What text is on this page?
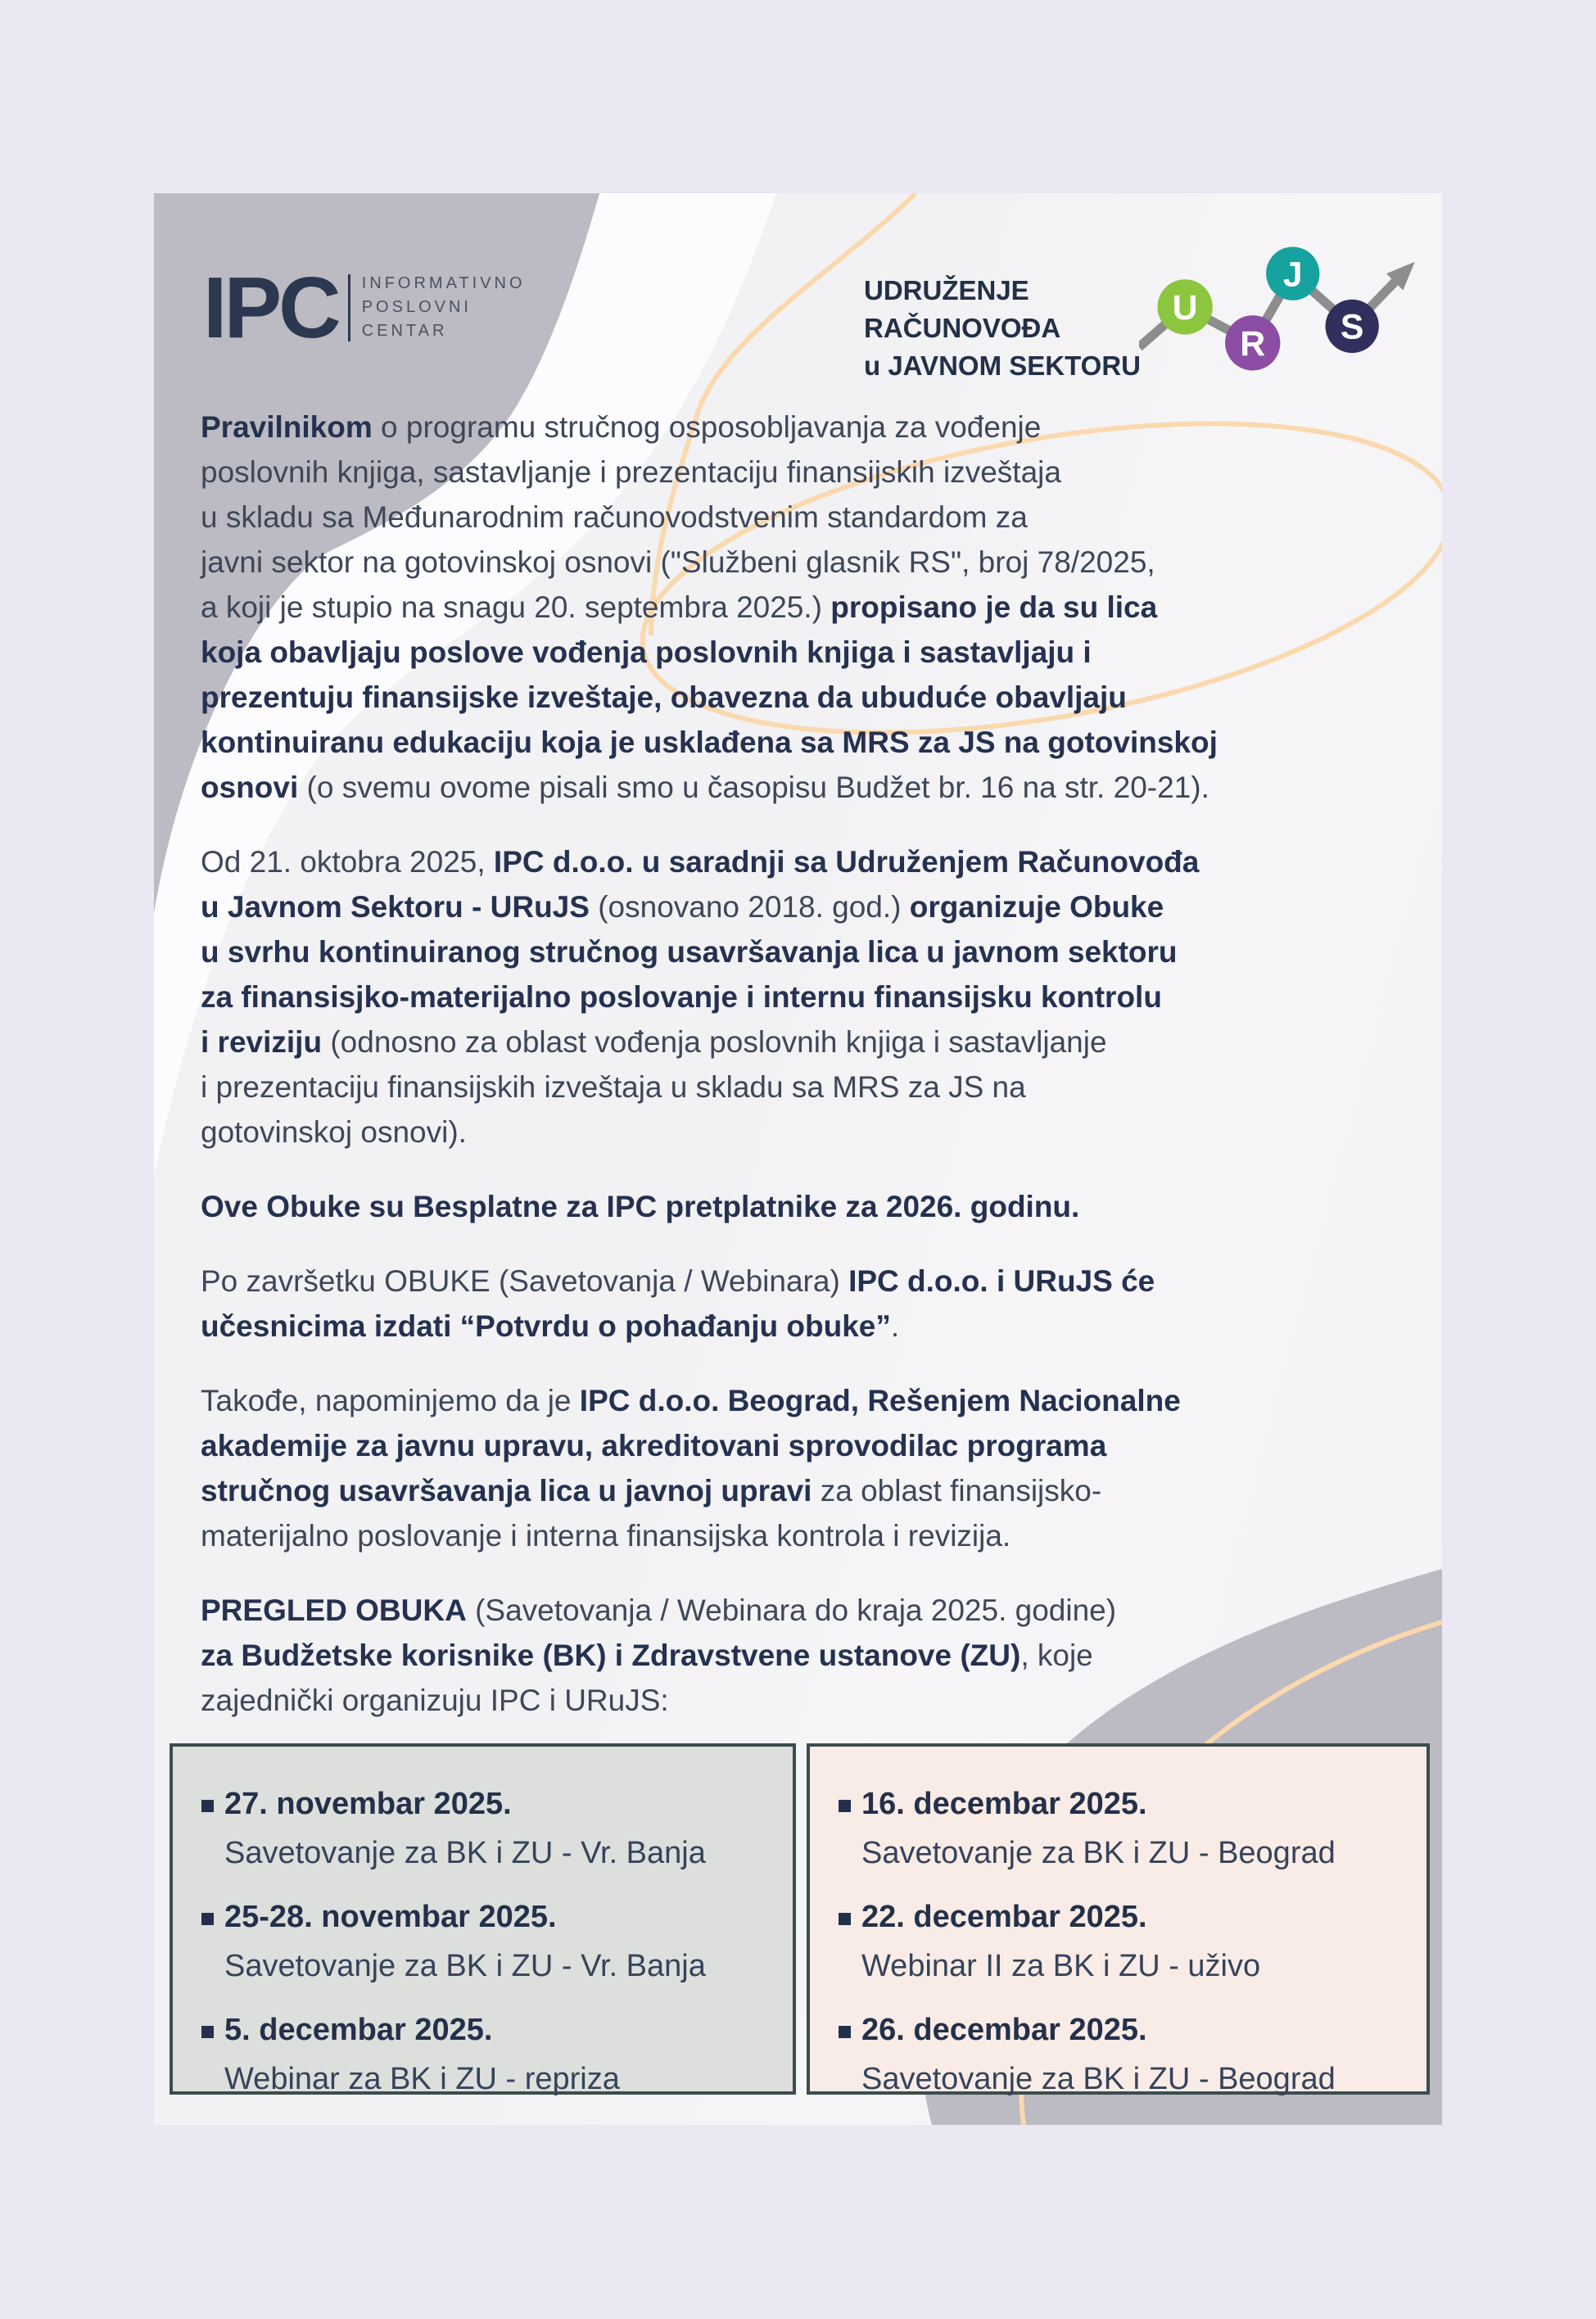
IPC INFORMATIVNO
POSLOVNI
CENTAR
UDRUŽENJE
RAČUNOVOĐA
u JAVNOM SEKTORU
U
R
J
S

Pravilnikom o programu stručnog osposobljavanja za vođenje
poslovnih knjiga, sastavljanje i prezentaciju finansijskih izveštaja
u skladu sa Međunarodnim računovodstvenim standardom za
javni sektor na gotovinskoj osnovi ("Službeni glasnik RS", broj 78/2025,
a koji je stupio na snagu 20. septembra 2025.) propisano je da su lica
koja obavljaju poslove vođenja poslovnih knjiga i sastavljaju i
prezentuju finansijske izveštaje, obavezna da ubuduće obavljaju
kontinuiranu edukaciju koja je usklađena sa MRS za JS na gotovinskoj
osnovi (o svemu ovome pisali smo u časopisu Budžet br. 16 na str. 20-21).

Od 21. oktobra 2025, IPC d.o.o. u saradnji sa Udruženjem Računovođa
u Javnom Sektoru - URuJS (osnovano 2018. god.) organizuje Obuke
u svrhu kontinuiranog stručnog usavršavanja lica u javnom sektoru
za finansisjko-materijalno poslovanje i internu finansijsku kontrolu
i reviziju (odnosno za oblast vođenja poslovnih knjiga i sastavljanje
i prezentaciju finansijskih izveštaja u skladu sa MRS za JS na
gotovinskoj osnovi).

Ove Obuke su Besplatne za IPC pretplatnike za 2026. godinu.

Po završetku OBUKE (Savetovanja / Webinara) IPC d.o.o. i URuJS će
učesnicima izdati “Potvrdu o pohađanju obuke”.

Takođe, napominjemo da je IPC d.o.o. Beograd, Rešenjem Nacionalne
akademije za javnu upravu, akreditovani sprovodilac programa
stručnog usavršavanja lica u javnoj upravi za oblast finansijsko-
materijalno poslovanje i interna finansijska kontrola i revizija.

PREGLED OBUKA (Savetovanja / Webinara do kraja 2025. godine)
za Budžetske korisnike (BK) i Zdravstvene ustanove (ZU), koje
zajednički organizuju IPC i URuJS:

27. novembar 2025.
Savetovanje za BK i ZU - Vr. Banja
25-28. novembar 2025.
Savetovanje za BK i ZU - Vr. Banja
5. decembar 2025.
Webinar za BK i ZU - repriza
16. decembar 2025.
Savetovanje za BK i ZU - Beograd
22. decembar 2025.
Webinar II za BK i ZU - uživo
26. decembar 2025.
Savetovanje za BK i ZU - Beograd
